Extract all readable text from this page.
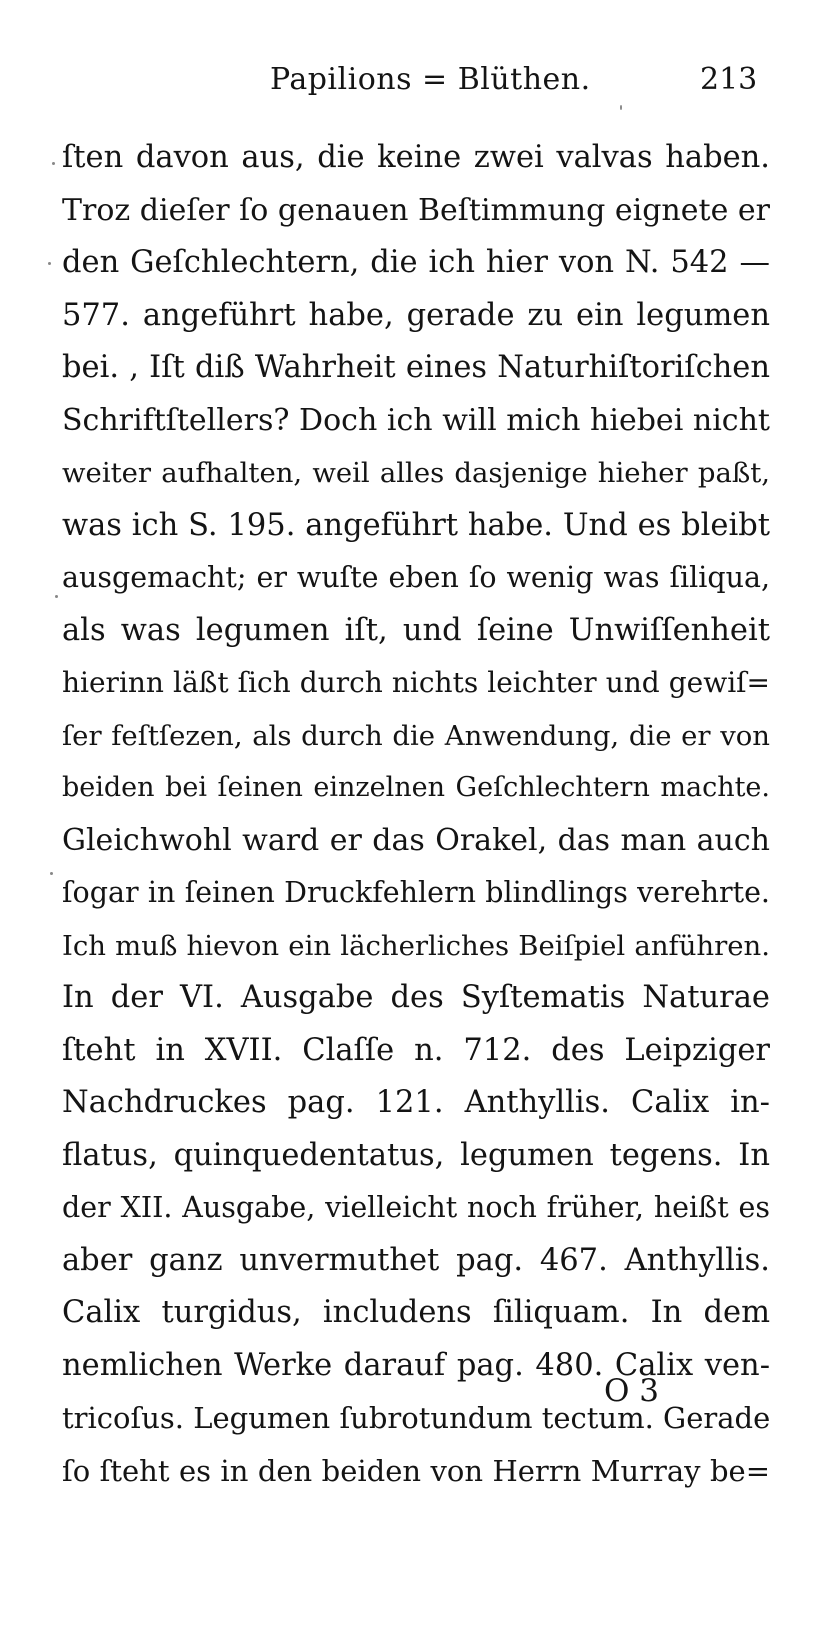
Papilions = Blüthen.	213
ſten davon aus, die keine zwei valvas haben.
Troz dieſer ſo genauen Beſtimmung eignete er
den Geſchlechtern, die ich hier von N. 542 —
577. angeführt habe, gerade zu ein legumen
bei. , Iſt diß Wahrheit eines Naturhiſtoriſchen
Schriftſtellers? Doch ich will mich hiebei nicht
weiter aufhalten, weil alles dasjenige hieher paßt,
was ich S. 195. angeführt habe. Und es bleibt
ausgemacht; er wuſte eben ſo wenig was ſiliqua,
als was legumen iſt, und ſeine Unwiſſenheit
hierinn läßt ſich durch nichts leichter und gewiſ=
ſer feſtſezen, als durch die Anwendung, die er von
beiden bei ſeinen einzelnen Geſchlechtern machte.
Gleichwohl ward er das Orakel, das man auch
ſogar in ſeinen Druckfehlern blindlings verehrte.
Ich muß hievon ein lächerliches Beiſpiel anführen.
In der VI. Ausgabe des Syſtematis Naturae
ſteht in XVII. Claſſe n. 712. des Leipziger
Nachdruckes pag. 121. Anthyllis. Calix in-
flatus, quinquedentatus, legumen tegens. In
der XII. Ausgabe, vielleicht noch früher, heißt es
aber ganz unvermuthet pag. 467. Anthyllis.
Calix turgidus, includens ſiliquam. In dem
nemlichen Werke darauf pag. 480. Calix ven-
tricoſus. Legumen ſubrotundum tectum. Gerade
ſo ſteht es in den beiden von Herrn Murray be=
O 3
